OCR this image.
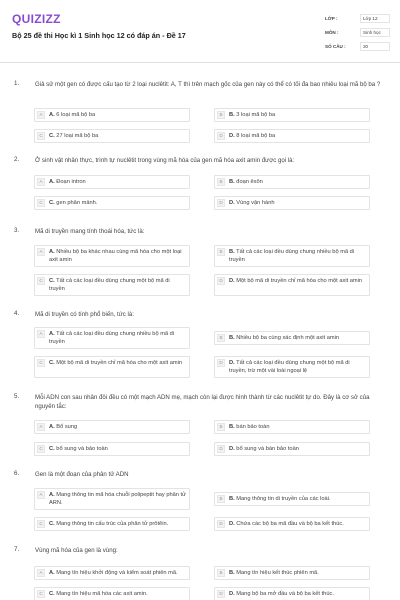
QUIZIZZ
Bộ 25 đề thi Học kì 1 Sinh học 12 có đáp án - Đề 17
LỚP :	Lớp 12
MÔN :	Sinh học
SỐ CÂU :	30
1.	Giả sử một gen có được cấu tạo từ 2 loại nuclêtit: A, T thì trên mạch gốc của gen này có thể có tối đa bao nhiêu loại mã bộ ba ?
A	A. 6 loại mã bộ ba	B	B. 3 loại mã bộ ba
C	C. 27 loại mã bộ ba	D	D. 8 loại mã bộ ba
2.	Ở sinh vật nhân thực, trình tự nuclêtit trong vùng mã hóa của gen mã hóa axit amin được gọi là:
A	A. Đoạn intron	B	B. đoạn êxôn
C	C. gen phân mảnh.	D	D. Vùng vận hành
3.	Mã di truyền mang tính thoái hóa, tức là:
A	A. Nhiều bộ ba khác nhau cùng mã hóa cho một loại axit amin
B	B. Tất cả các loại đều dùng chung nhiều bộ mã di truyền
C	C. Tất cả các loại đều dùng chung một bộ mã di truyền
D	D. Một bộ mã di truyền chỉ mã hóa cho một axit amin
4.	Mã di truyền có tính phổ biến, tức là:
A	A. Tất cả các loại đều dùng chung nhiều bộ mã di truyền
B	B. Nhiều bộ ba cùng xác định một axit amin
C	C. Một bộ mã di truyền chỉ mã hóa cho một axit amin	D	D. Tất cả các loại đều dùng chung một bộ mã di truyền, trừ một vài loài ngoại lệ
5.	Mỗi ADN con sau nhân đôi đều có một mạch ADN mẹ, mạch còn lại được hình thành từ các nuclêtit tự do. Đây là cơ sở của nguyên tắc:
A	A. Bổ sung	B	B. bán bảo toàn
C	C. bổ sung và bảo toàn	D	D. bổ sung và bán bảo toàn
6.	Gen là một đoạn của phân tử ADN
A	A. Mang thông tin mã hóa chuỗi polipeptit hay phân tử ARN.
B	B. Mang thông tin di truyền của các loài.
C	C. Mang thông tin cấu trúc của phân tử prôtêin.	D	D. Chứa các bộ ba mã đầu và bộ ba kết thúc.
7.	Vùng mã hóa của gen là vùng:
A	A. Mang tín hiệu khởi động và kiểm soát phiên mã.	B	B. Mang tín hiệu kết thúc phiên mã.
C	C. Mang tín hiệu mã hóa các axit amin.	D	D. Mang bộ ba mở đầu và bộ ba kết thúc.
